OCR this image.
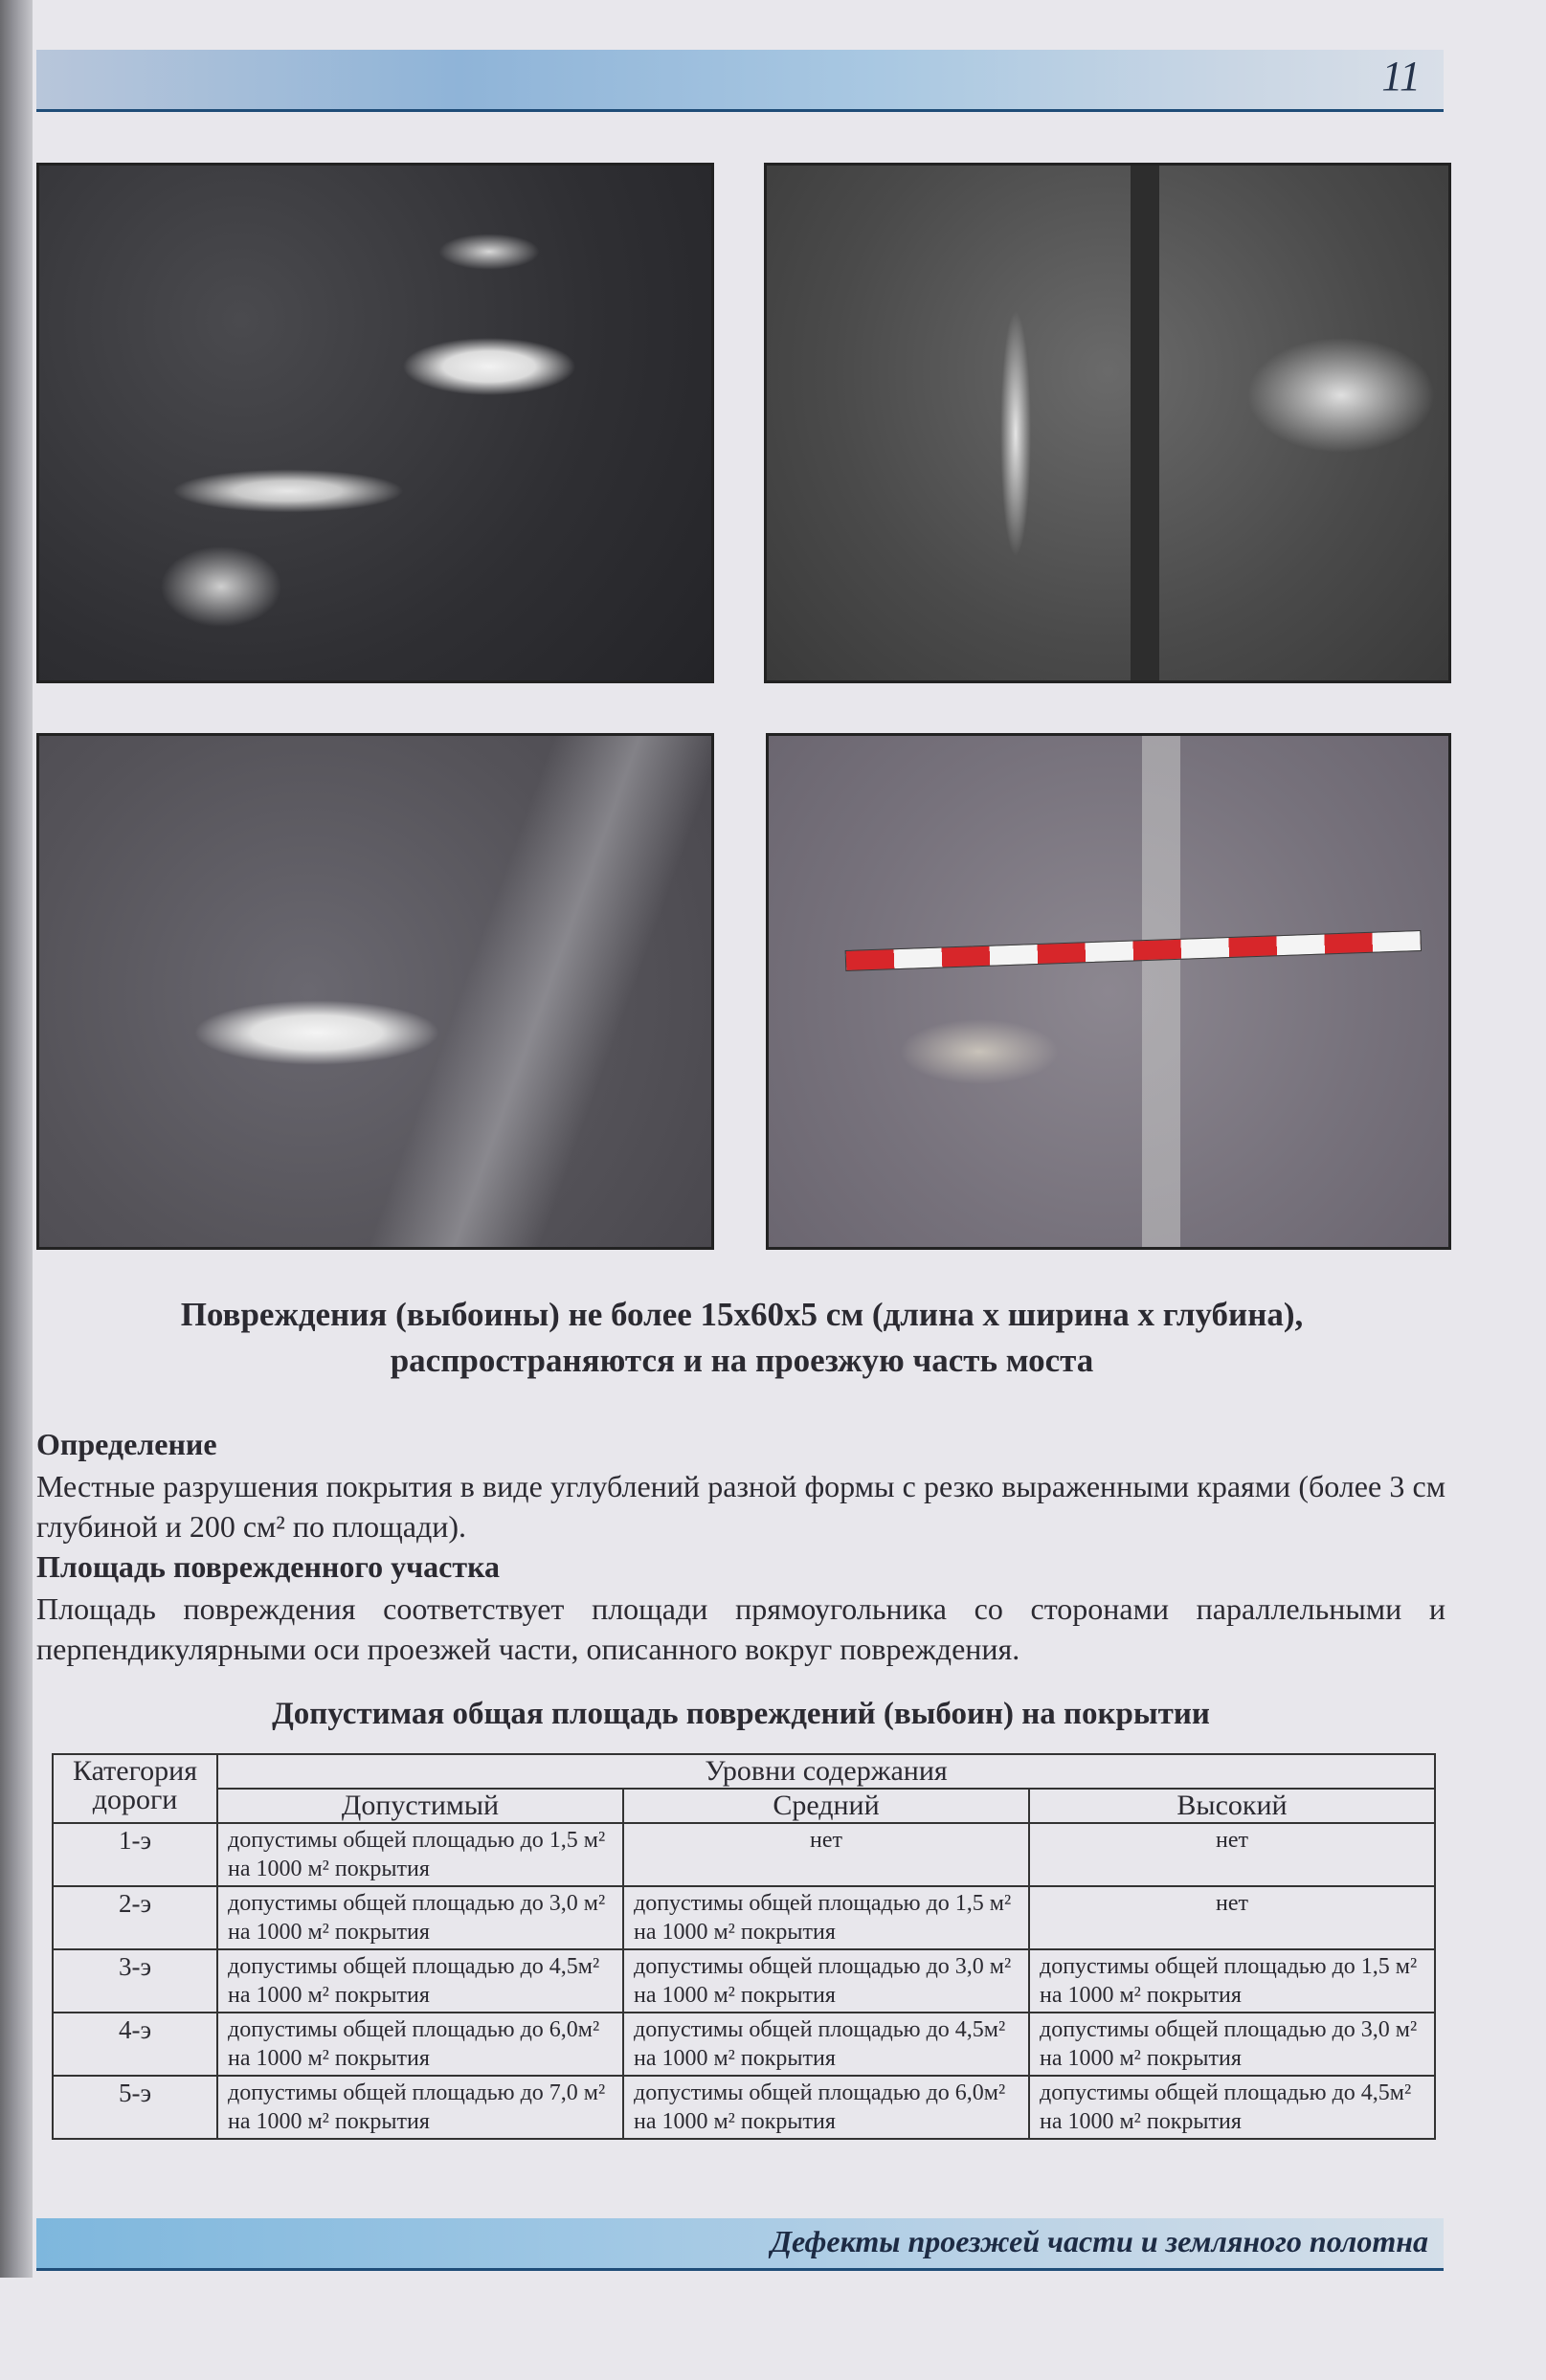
11
Повреждения (выбоины) не более 15х60х5 см (длина х ширина х глубина),
распространяются и на проезжую часть моста
Определение
Местные разрушения покрытия в виде углублений разной формы с резко выраженными краями (более 3 см глубиной и 200 см² по площади).
Площадь поврежденного участка
Площадь повреждения соответствует площади прямоугольника со сторонами параллельными и перпендикулярными оси проезжей части, описанного вокруг повреждения.
Допустимая общая площадь повреждений (выбоин) на покрытии
Категория дороги	Уровни содержания		
	Допустимый	Средний	Высокий
1-э	допустимы общей площадью до 1,5 м² на 1000 м² покрытия	нет	нет
2-э	допустимы общей площадью до 3,0 м² на 1000 м² покрытия	допустимы общей площадью до 1,5 м² на 1000 м² покрытия	нет
3-э	допустимы общей площадью до 4,5м² на 1000 м² покрытия	допустимы общей площадью до 3,0 м² на 1000 м² покрытия	допустимы общей площадью до 1,5 м² на 1000 м² покрытия
4-э	допустимы общей площадью до 6,0м² на 1000 м² покрытия	допустимы общей площадью до 4,5м² на 1000 м² покрытия	допустимы общей площадью до 3,0 м² на 1000 м² покрытия
5-э	допустимы общей площадью до 7,0 м² на 1000 м² покрытия	допустимы общей площадью до 6,0м² на 1000 м² покрытия	допустимы общей площадью до 4,5м² на 1000 м² покрытия
Дефекты проезжей части и земляного полотна
